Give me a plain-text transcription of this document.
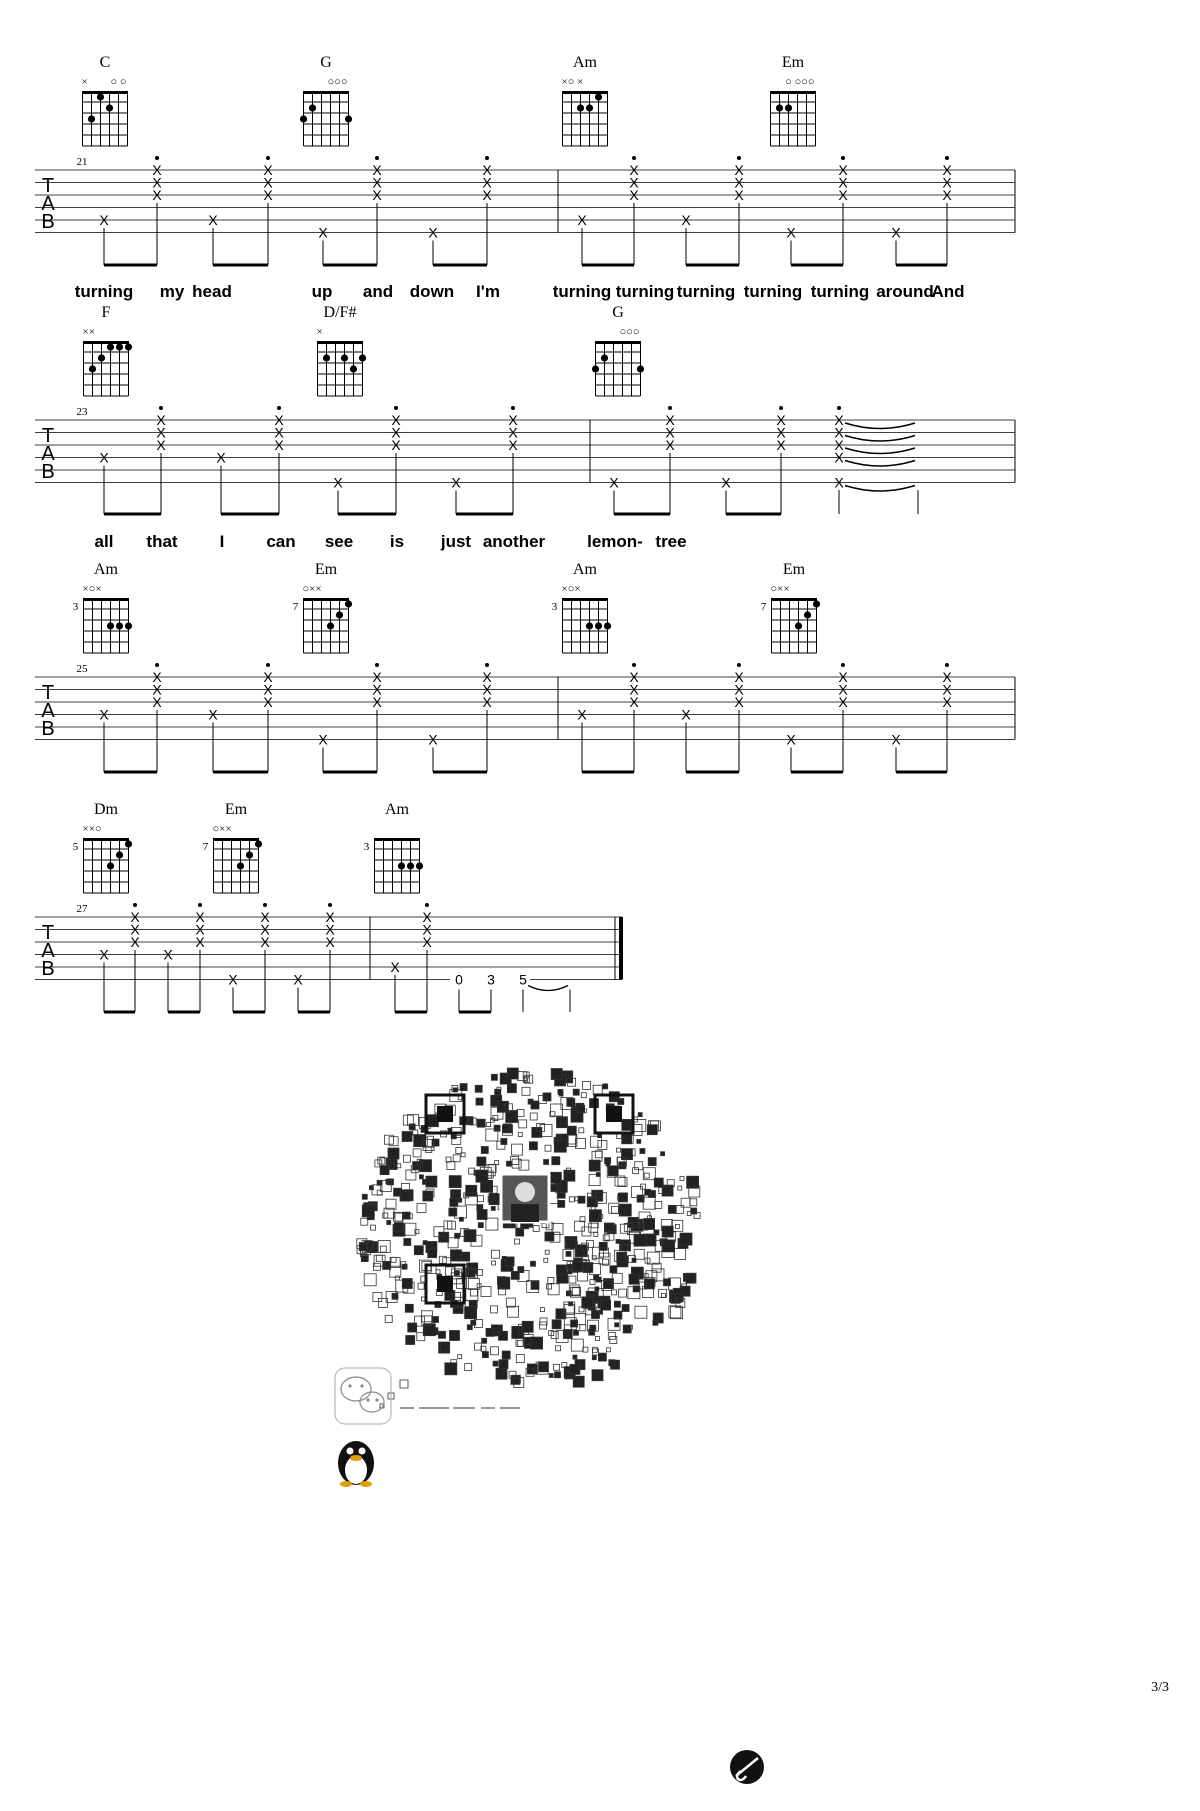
C
× ○ ○
G
○○○
Am
×○ ×
Em
○ ○○○
T
A
B
21
X
X
X
X
X
X
X
X
X
X
X
X
X
X
X
X
X
X
X
X
X
X
X
X
X
X
X
X
X
X
X
X
turning my head	up and down I'm	turning turning turning turning turning around
And
F
××
D/F#
×
G
○○○
T
A
B
23
X
X
X
X
X
X
X
X
X
X
X
X
X
X
X
X
X
X
X
X
X
X
X
X
X
X
X
X
X
all that I can see is just another lemon- tree
Am
×○×
3
Em
○××
7
Am
×○×
3
Em
○××
7
T
A
B
25
X
X
X
X
X
X
X
X
X
X
X
X
X
X
X
X
X
X
X
X
X
X
X
X
X
X
X
X
X
X
X
X
Dm
××○
5
Em
○××
7
Am
3
T
A
B
27
X
X
X
X
X
X
X
X
X
X
X
X
X
X
X
X
X
X
X
X
0 3 5
3/3
